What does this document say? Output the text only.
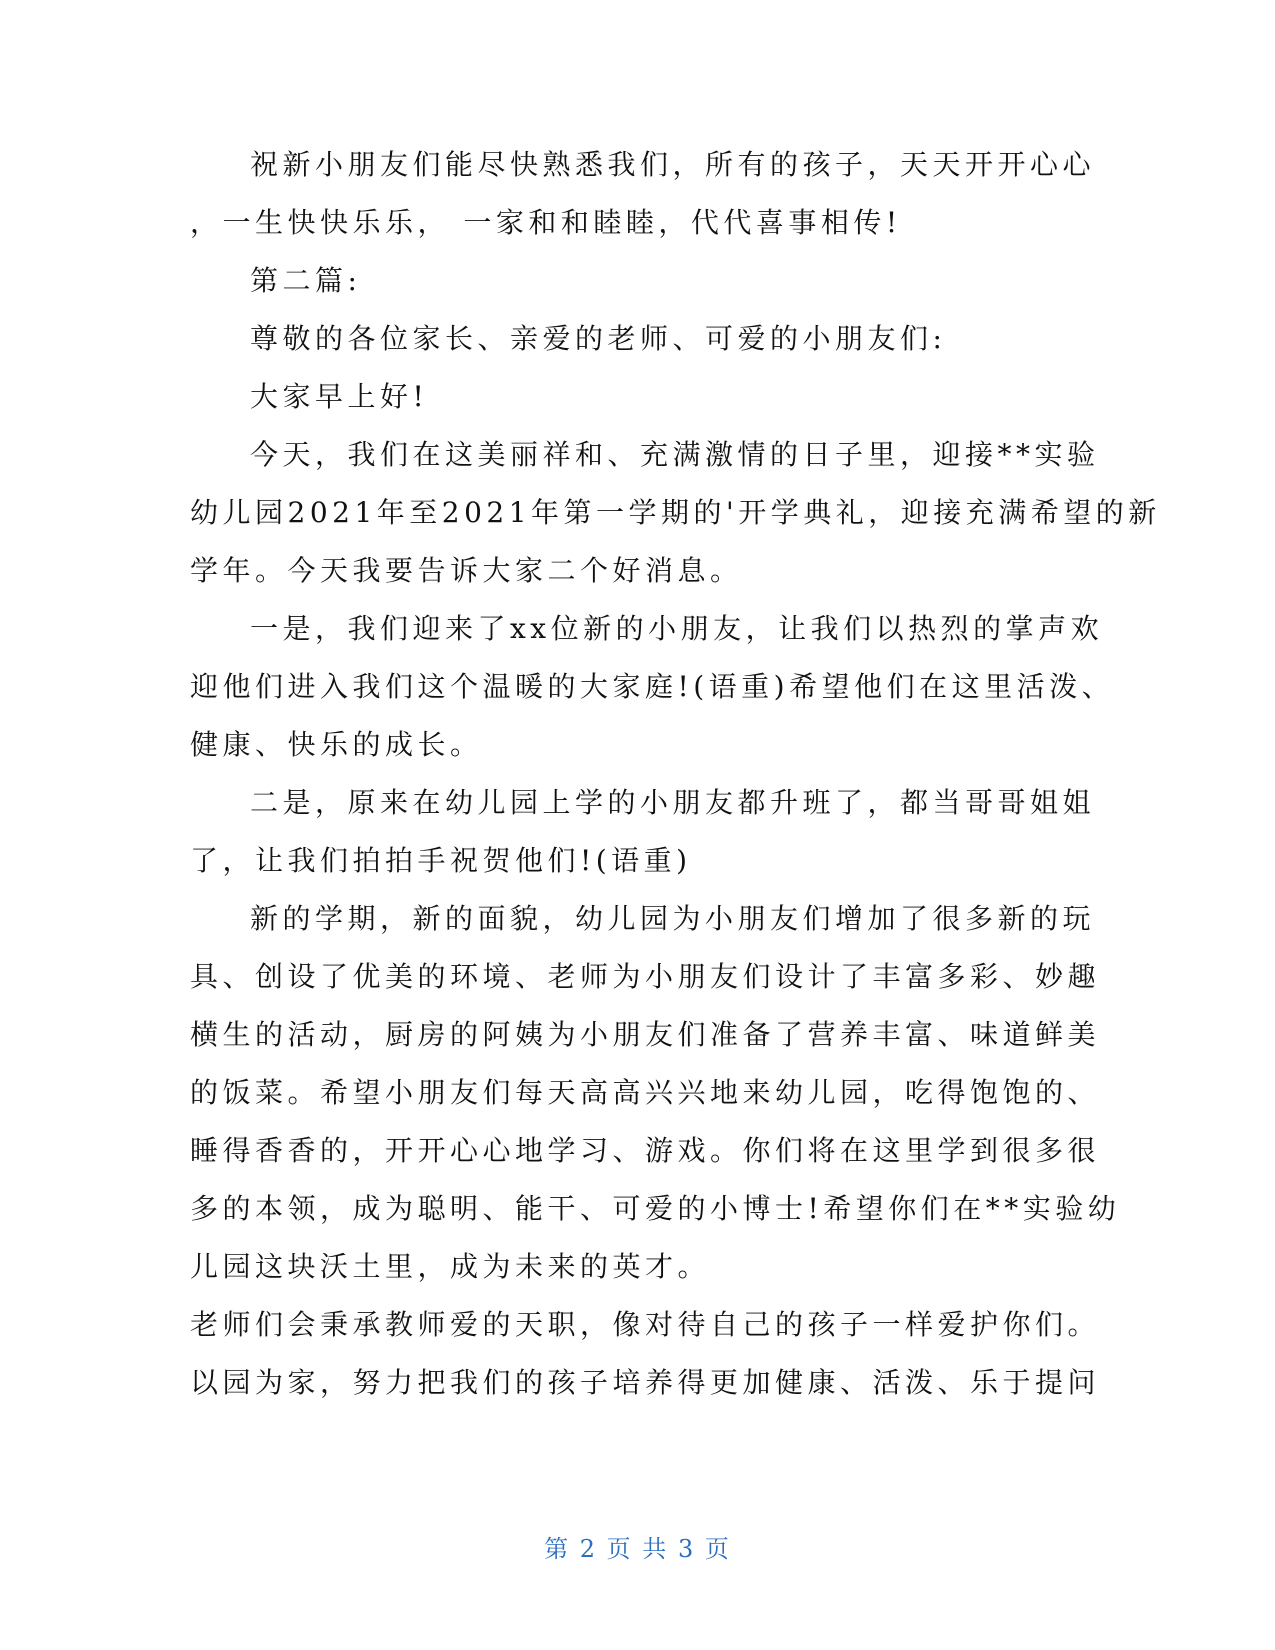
祝新小朋友们能尽快熟悉我们，所有的孩子，天天开开心心

，一生快快乐乐， 一家和和睦睦，代代喜事相传!

第二篇:

尊敬的各位家长、亲爱的老师、可爱的小朋友们:

大家早上好!

今天，我们在这美丽祥和、充满激情的日子里，迎接**实验

幼儿园2021年至2021年第一学期的'开学典礼，迎接充满希望的新

学年。今天我要告诉大家二个好消息。

一是，我们迎来了xx位新的小朋友，让我们以热烈的掌声欢

迎他们进入我们这个温暖的大家庭!(语重)希望他们在这里活泼、

健康、快乐的成长。

二是，原来在幼儿园上学的小朋友都升班了，都当哥哥姐姐

了，让我们拍拍手祝贺他们!(语重)

新的学期，新的面貌，幼儿园为小朋友们增加了很多新的玩

具、创设了优美的环境、老师为小朋友们设计了丰富多彩、妙趣

横生的活动，厨房的阿姨为小朋友们准备了营养丰富、味道鲜美

的饭菜。希望小朋友们每天高高兴兴地来幼儿园，吃得饱饱的、

睡得香香的，开开心心地学习、游戏。你们将在这里学到很多很

多的本领，成为聪明、能干、可爱的小博士!希望你们在**实验幼

儿园这块沃土里，成为未来的英才。

老师们会秉承教师爱的天职，像对待自己的孩子一样爱护你们。

以园为家，努力把我们的孩子培养得更加健康、活泼、乐于提问

第 2 页 共 3 页
